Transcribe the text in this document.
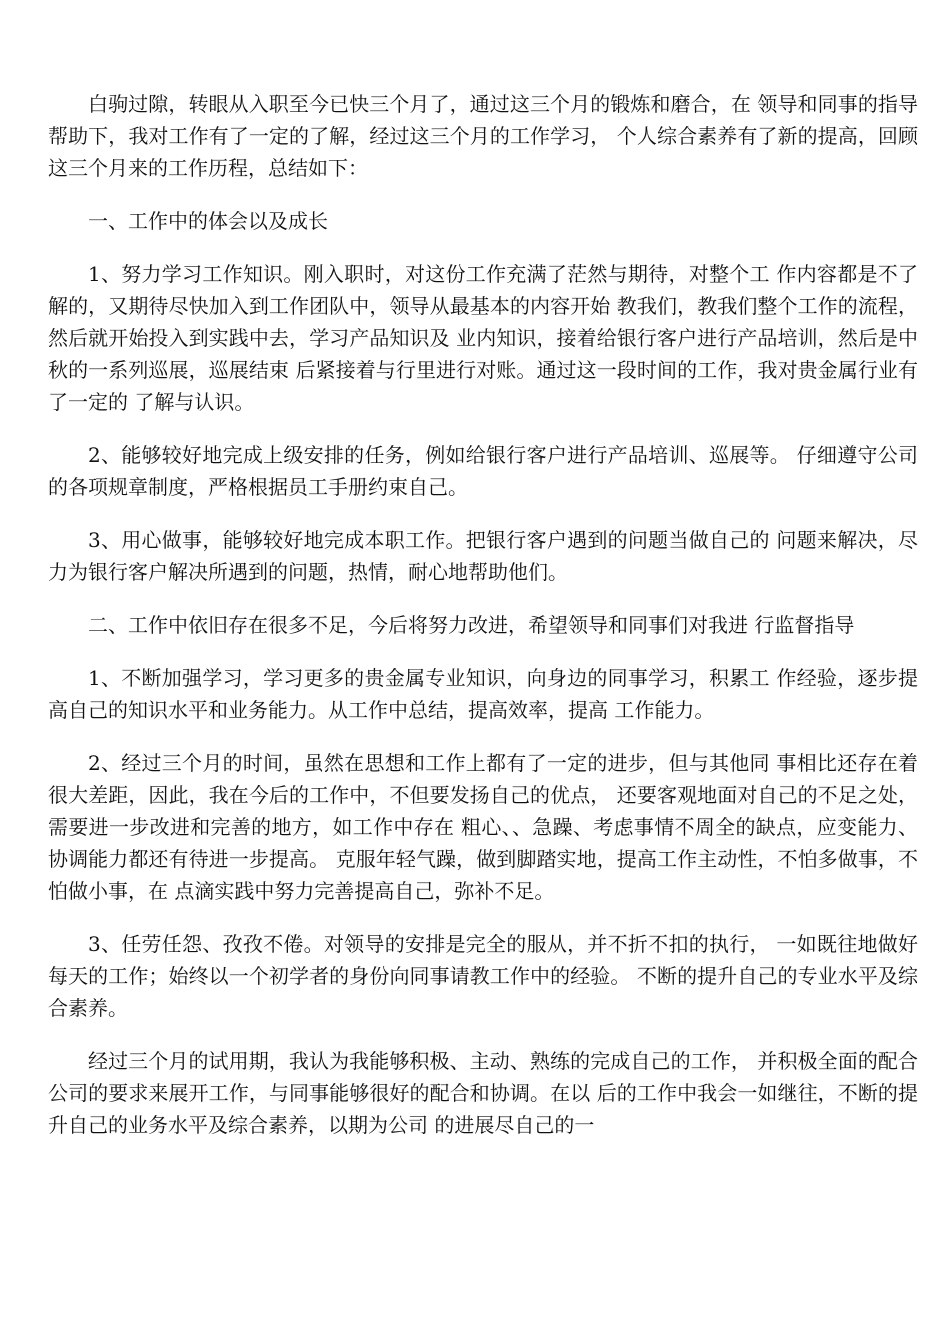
白驹过隙，转眼从入职至今已快三个月了，通过这三个月的锻炼和磨合，在 领导和同事的指导帮助下，我对工作有了一定的了解，经过这三个月的工作学习， 个人综合素养有了新的提高，回顾这三个月来的工作历程，总结如下：

一、工作中的体会以及成长

1、努力学习工作知识。刚入职时，对这份工作充满了茫然与期待，对整个工 作内容都是不了解的，又期待尽快加入到工作团队中，领导从最基本的内容开始 教我们，教我们整个工作的流程，然后就开始投入到实践中去，学习产品知识及 业内知识，接着给银行客户进行产品培训，然后是中秋的一系列巡展，巡展结束 后紧接着与行里进行对账。通过这一段时间的工作，我对贵金属行业有了一定的 了解与认识。

2、能够较好地完成上级安排的任务，例如给银行客户进行产品培训、巡展等。 仔细遵守公司的各项规章制度，严格根据员工手册约束自己。

3、用心做事，能够较好地完成本职工作。把银行客户遇到的问题当做自己的 问题来解决，尽力为银行客户解决所遇到的问题，热情，耐心地帮助他们。

二、工作中依旧存在很多不足，今后将努力改进，希望领导和同事们对我进 行监督指导

1、不断加强学习，学习更多的贵金属专业知识，向身边的同事学习，积累工 作经验，逐步提高自己的知识水平和业务能力。从工作中总结，提高效率，提高 工作能力。

2、经过三个月的时间，虽然在思想和工作上都有了一定的进步，但与其他同 事相比还存在着很大差距，因此，我在今后的工作中，不但要发扬自己的优点， 还要客观地面对自己的不足之处，需要进一步改进和完善的地方，如工作中存在 粗心、、急躁、考虑事情不周全的缺点，应变能力、协调能力都还有待进一步提高。 克服年轻气躁，做到脚踏实地，提高工作主动性，不怕多做事，不怕做小事，在 点滴实践中努力完善提高自己，弥补不足。

3、任劳任怨、孜孜不倦。对领导的安排是完全的服从，并不折不扣的执行， 一如既往地做好每天的工作；始终以一个初学者的身份向同事请教工作中的经验。 不断的提升自己的专业水平及综合素养。

经过三个月的试用期，我认为我能够积极、主动、熟练的完成自己的工作， 并积极全面的配合公司的要求来展开工作，与同事能够很好的配合和协调。在以 后的工作中我会一如继往，不断的提升自己的业务水平及综合素养，以期为公司 的进展尽自己的一
